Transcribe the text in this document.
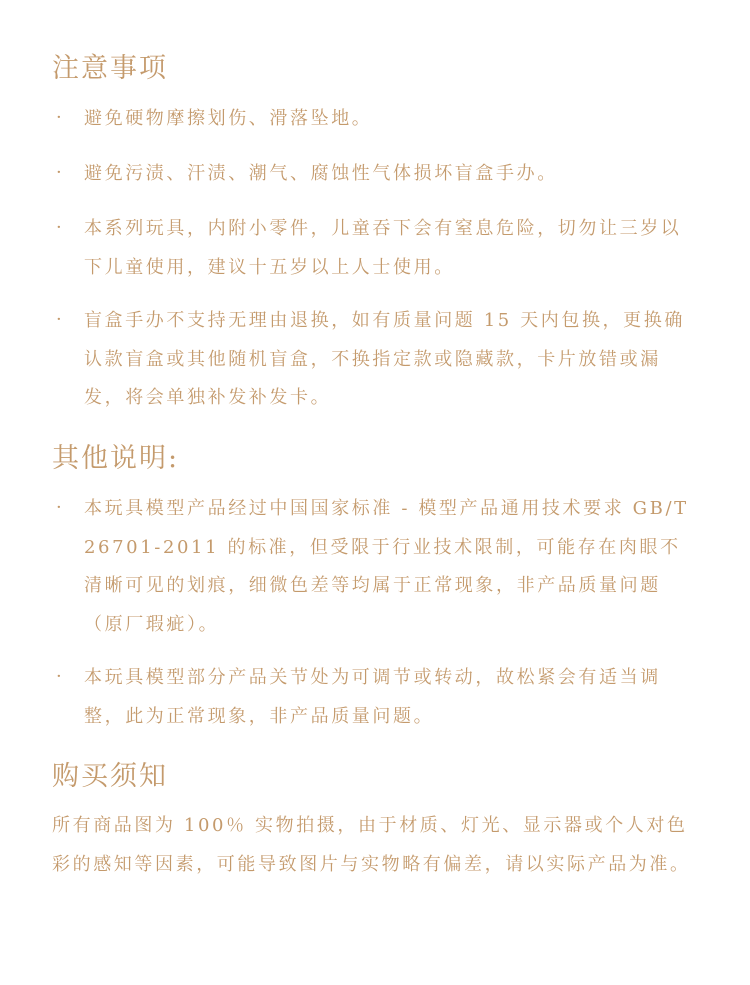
注意事项
· 避免硬物摩擦划伤、滑落坠地。
· 避免污渍、汗渍、潮气、腐蚀性气体损坏盲盒手办。
· 本系列玩具，内附小零件，儿童吞下会有窒息危险，切勿让三岁以下儿童使用，建议十五岁以上人士使用。
· 盲盒手办不支持无理由退换，如有质量问题 15 天内包换，更换确认款盲盒或其他随机盲盒，不换指定款或隐藏款，卡片放错或漏发，将会单独补发补发卡。
其他说明:
· 本玩具模型产品经过中国国家标准 - 模型产品通用技术要求 GB/T 26701-2011 的标准，但受限于行业技术限制，可能存在肉眼不清晰可见的划痕，细微色差等均属于正常现象，非产品质量问题（原厂瑕疵）。
· 本玩具模型部分产品关节处为可调节或转动，故松紧会有适当调整，此为正常现象，非产品质量问题。
购买须知
所有商品图为 100％ 实物拍摄，由于材质、灯光、显示器或个人对色彩的感知等因素，可能导致图片与实物略有偏差，请以实际产品为准。
